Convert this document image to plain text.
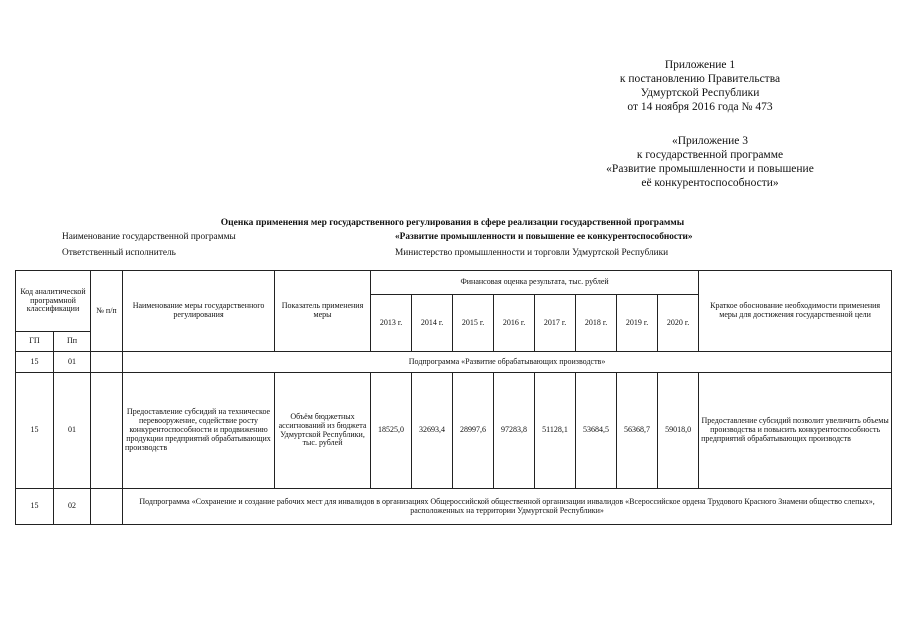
Приложение 1
к постановлению Правительства
Удмуртской Республики
от 14 ноября 2016 года № 473
«Приложение 3
к государственной программе
«Развитие промышленности и повышение
её конкурентоспособности»
Оценка применения мер государственного регулирования в сфере реализации государственной программы
Наименование государственной программы	«Развитие промышленности и повышение ее конкурентоспособности»
Ответственный исполнитель	Министерство промышленности и торговли Удмуртской Республики
Код аналитической программной классификации		№ п/п	Наименование меры государственного регулирования	Показатель применения меры	Финансовая оценка результата, тыс. рублей								Краткое обоснование необходимости применения меры для достижения государственной цели
					2013 г.	2014 г.	2015 г.	2016 г.	2017 г.	2018 г.	2019 г.	2020 г.	
ГП	Пп												
15	01		Подпрограмма «Развитие обрабатывающих производств»										
15	01		Предоставление субсидий на техническое перевооружение, содействие росту конкурентоспособности и продвижению продукции предприятий обрабатывающих производств	Объём бюджетных ассигнований из бюджета Удмуртской Республики, тыс. рублей	18525,0	32693,4	28997,6	97283,8	51128,1	53684,5	56368,7	59018,0	Предоставление субсидий позволит увеличить объемы производства и повысить конкурентоспособность предприятий обрабатывающих производств
15	02		Подпрограмма «Сохранение и создание рабочих мест для инвалидов в организациях Общероссийской общественной организации инвалидов «Всероссийское ордена Трудового Красного Знамени общество слепых», расположенных на территории Удмуртской Республики»										
